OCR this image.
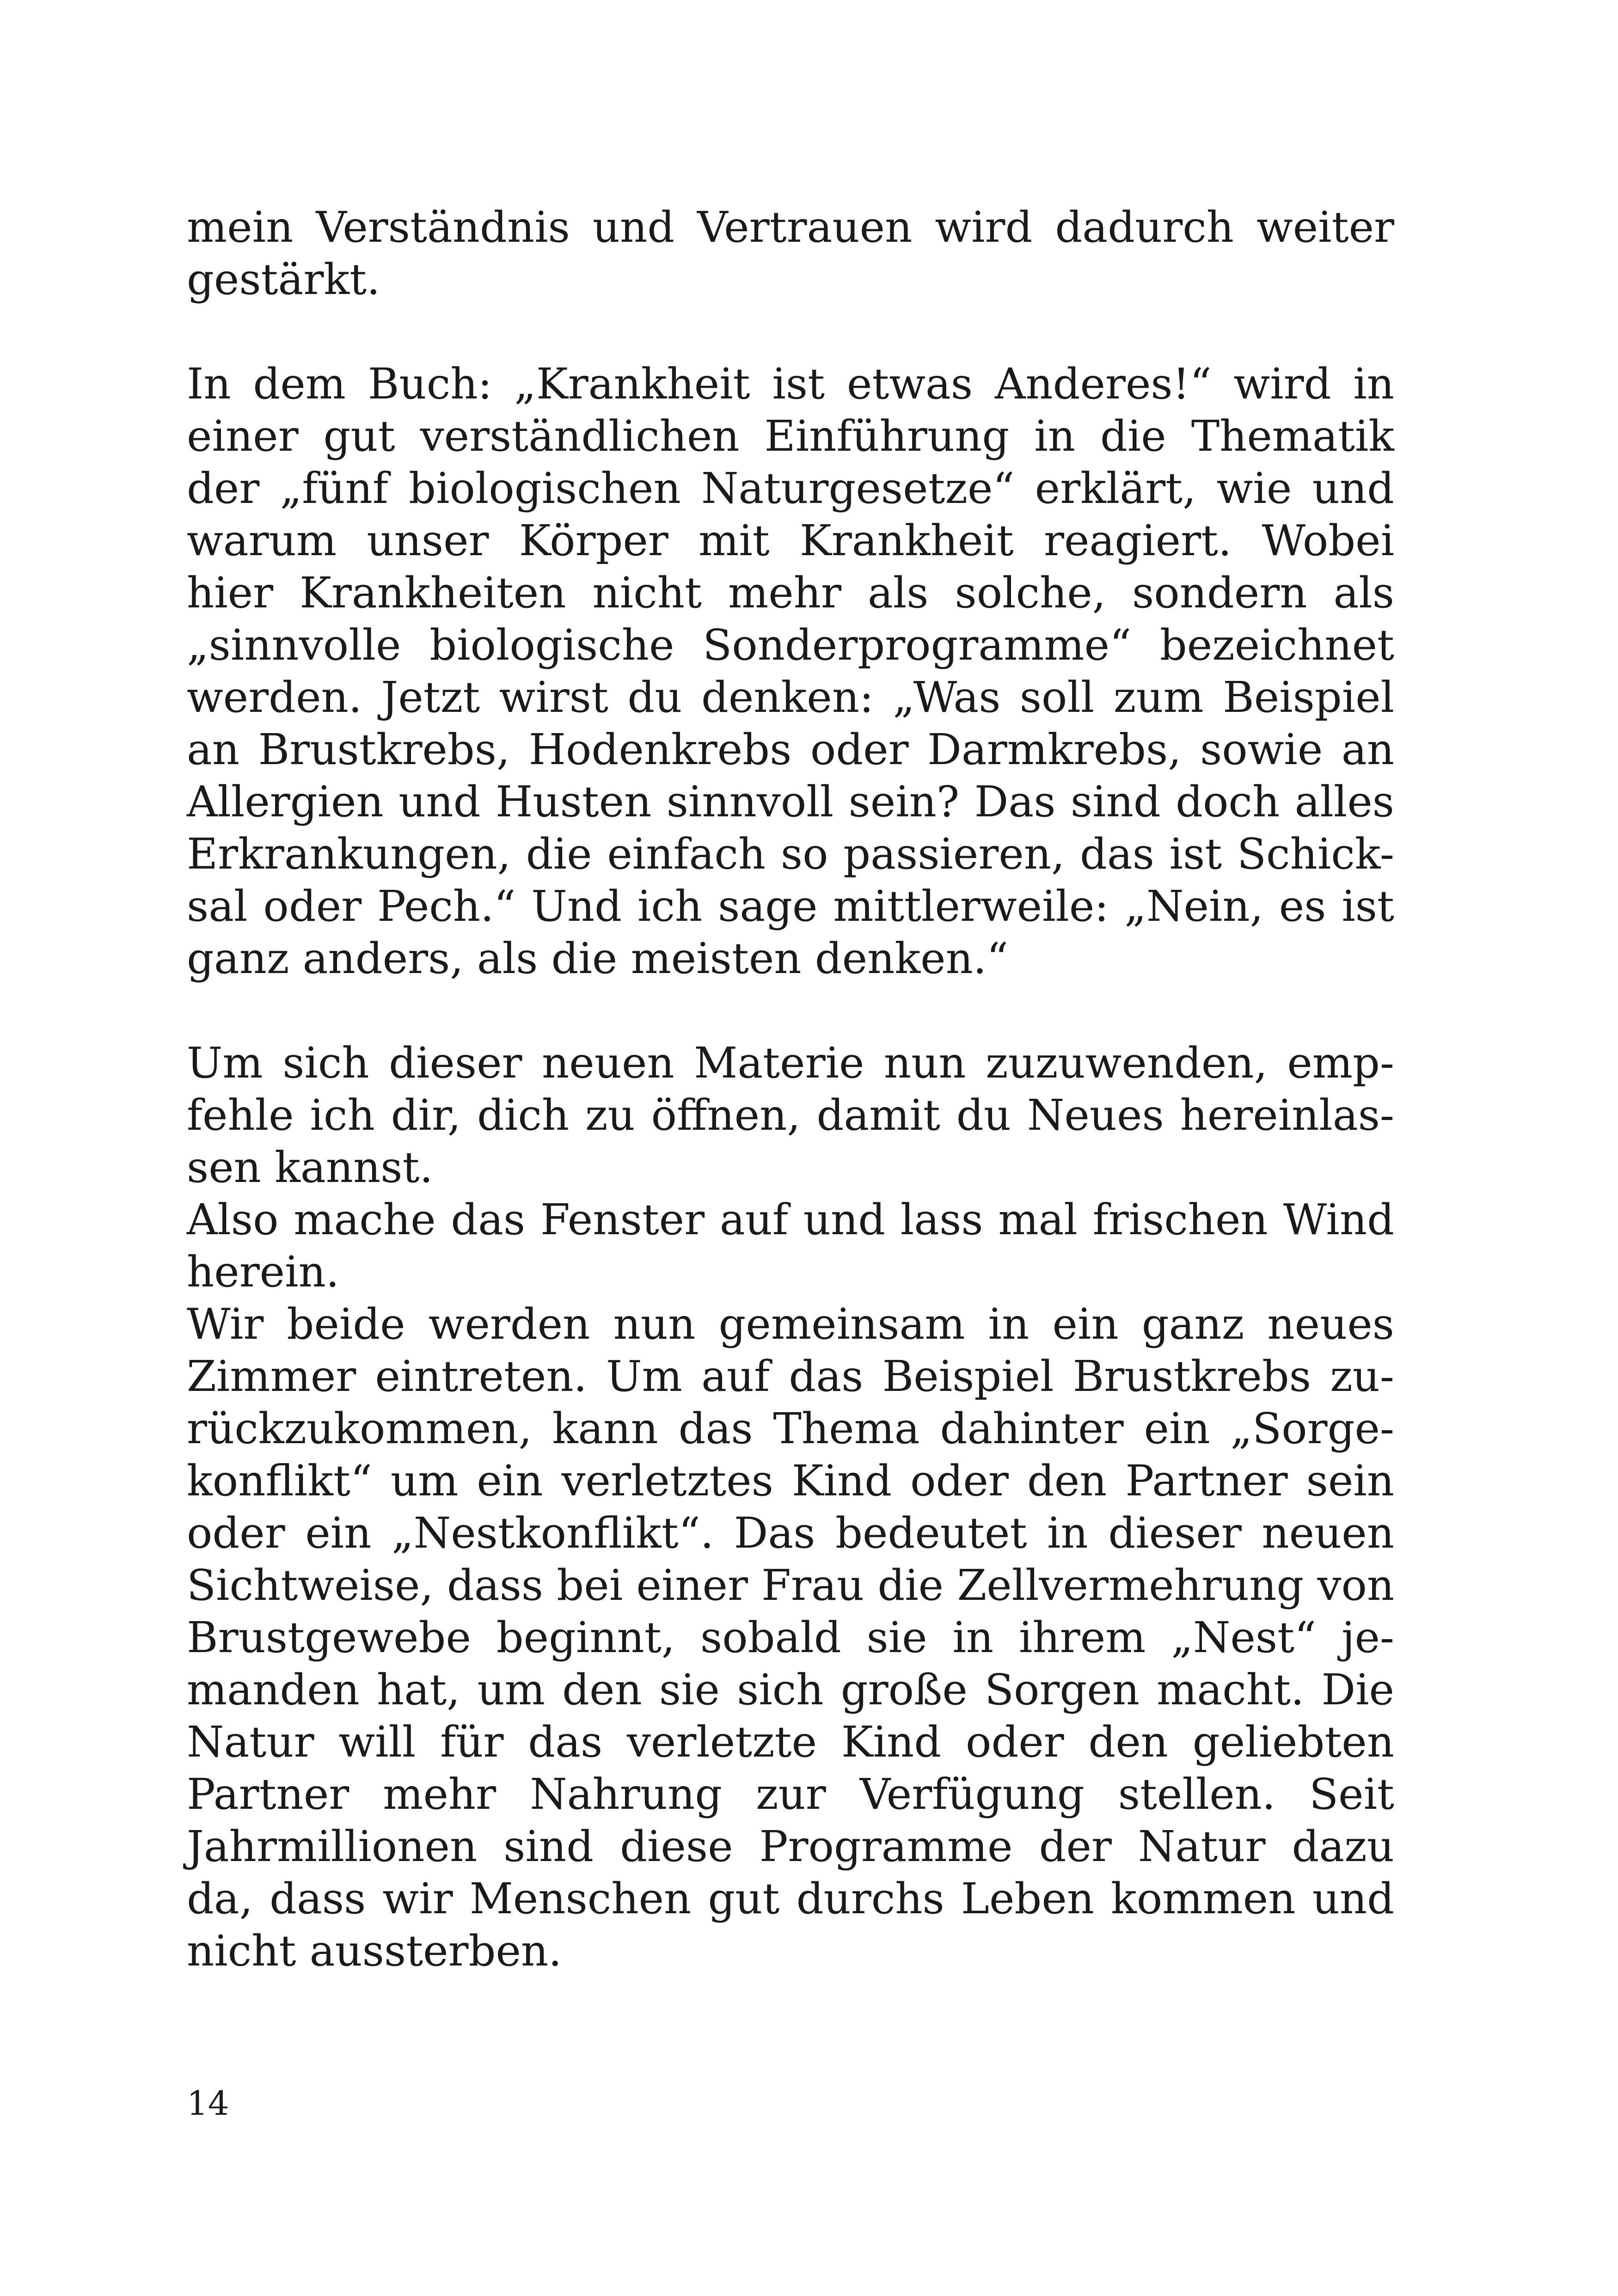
mein Verständnis und Vertrauen wird dadurch weiter
gestärkt.
In dem Buch: „Krankheit ist etwas Anderes!“ wird in
einer gut verständlichen Einführung in die Thematik
der „fünf biologischen Naturgesetze“ erklärt, wie und
warum unser Körper mit Krankheit reagiert. Wobei
hier Krankheiten nicht mehr als solche, sondern als
„sinnvolle biologische Sonderprogramme“ bezeichnet
werden. Jetzt wirst du denken: „Was soll zum Beispiel
an Brustkrebs, Hodenkrebs oder Darmkrebs, sowie an
Allergien und Husten sinnvoll sein? Das sind doch alles
Erkrankungen, die einfach so passieren, das ist Schick-
sal oder Pech.“ Und ich sage mittlerweile: „Nein, es ist
ganz anders, als die meisten denken.“
Um sich dieser neuen Materie nun zuzuwenden, emp-
fehle ich dir, dich zu öffnen, damit du Neues hereinlas-
sen kannst.
Also mache das Fenster auf und lass mal frischen Wind
herein.
Wir beide werden nun gemeinsam in ein ganz neues
Zimmer eintreten. Um auf das Beispiel Brustkrebs zu-
rückzukommen, kann das Thema dahinter ein „Sorge-
konflikt“ um ein verletztes Kind oder den Partner sein
oder ein „Nestkonflikt“. Das bedeutet in dieser neuen
Sichtweise, dass bei einer Frau die Zellvermehrung von
Brustgewebe beginnt, sobald sie in ihrem „Nest“ je-
manden hat, um den sie sich große Sorgen macht. Die
Natur will für das verletzte Kind oder den geliebten
Partner mehr Nahrung zur Verfügung stellen. Seit
Jahrmillionen sind diese Programme der Natur dazu
da, dass wir Menschen gut durchs Leben kommen und
nicht aussterben.
14
